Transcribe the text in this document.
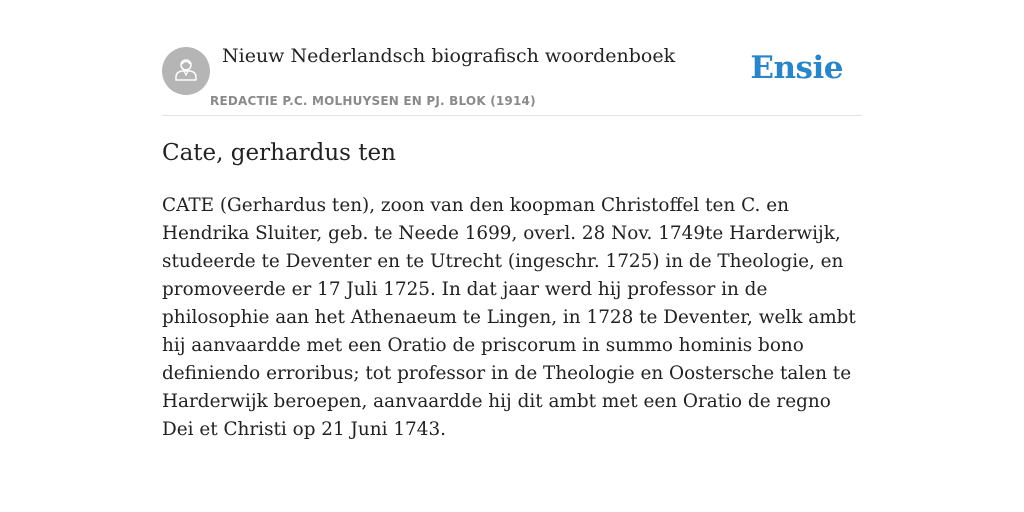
Nieuw Nederlandsch biografisch woordenboek
REDACTIE P.C. MOLHUYSEN EN PJ. BLOK (1914)
Ensie
Cate, gerhardus ten

CATE (Gerhardus ten), zoon van den koopman Christoffel ten C. en Hendrika Sluiter, geb. te Neede 1699, overl. 28 Nov. 1749te Harderwijk, studeerde te Deventer en te Utrecht (ingeschr. 1725) in de Theologie, en promoveerde er 17 Juli 1725. In dat jaar werd hij professor in de philosophie aan het Athenaeum te Lingen, in 1728 te Deventer, welk ambt hij aanvaardde met een Oratio de priscorum in summo hominis bono definiendo erroribus; tot professor in de Theologie en Oostersche talen te Harderwijk beroepen, aanvaardde hij dit ambt met een Oratio de regno Dei et Christi op 21 Juni 1743.
